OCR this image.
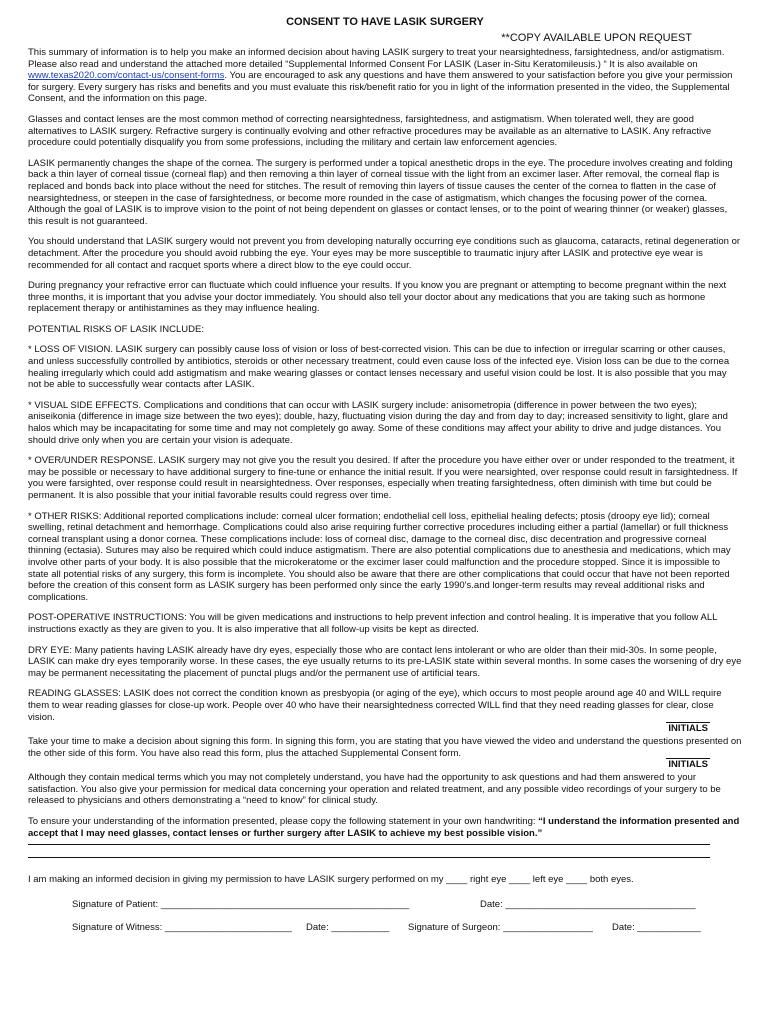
CONSENT TO HAVE LASIK SURGERY
**COPY AVAILABLE UPON REQUEST

This summary of information is to help you make an informed decision about having LASIK surgery to treat your nearsightedness, farsightedness, and/or astigmatism. Please also read and understand the attached more detailed “Supplemental Informed Consent For LASIK (Laser in-Situ Keratomileusis.) “ It is also available on www.texas2020.com/contact-us/consent-forms. You are encouraged to ask any questions and have them answered to your satisfaction before you give your permission for surgery. Every surgery has risks and benefits and you must evaluate this risk/benefit ratio for you in light of the information presented in the video, the Supplemental Consent, and the information on this page.

Glasses and contact lenses are the most common method of correcting nearsightedness, farsightedness, and astigmatism. When tolerated well, they are good alternatives to LASIK surgery. Refractive surgery is continually evolving and other refractive procedures may be available as an alternative to LASIK. Any refractive procedure could potentially disqualify you from some professions, including the military and certain law enforcement agencies.

LASIK permanently changes the shape of the cornea. The surgery is performed under a topical anesthetic drops in the eye. The procedure involves creating and folding back a thin layer of corneal tissue (corneal flap) and then removing a thin layer of corneal tissue with the light from an excimer laser. After removal, the corneal flap is replaced and bonds back into place without the need for stitches. The result of removing thin layers of tissue causes the center of the cornea to flatten in the case of nearsightedness, or steepen in the case of farsightedness, or become more rounded in the case of astigmatism, which changes the focusing power of the cornea. Although the goal of LASIK is to improve vision to the point of not being dependent on glasses or contact lenses, or to the point of wearing thinner (or weaker) glasses, this result is not guaranteed.

You should understand that LASIK surgery would not prevent you from developing naturally occurring eye conditions such as glaucoma, cataracts, retinal degeneration or detachment. After the procedure you should avoid rubbing the eye. Your eyes may be more susceptible to traumatic injury after LASIK and protective eye wear is recommended for all contact and racquet sports where a direct blow to the eye could occur.

During pregnancy your refractive error can fluctuate which could influence your results. If you know you are pregnant or attempting to become pregnant within the next three months, it is important that you advise your doctor immediately. You should also tell your doctor about any medications that you are taking such as hormone replacement therapy or antihistamines as they may influence healing.

POTENTIAL RISKS OF LASIK INCLUDE:

* LOSS OF VISION. LASIK surgery can possibly cause loss of vision or loss of best-corrected vision. This can be due to infection or irregular scarring or other causes, and unless successfully controlled by antibiotics, steroids or other necessary treatment, could even cause loss of the infected eye. Vision loss can be due to the cornea healing irregularly which could add astigmatism and make wearing glasses or contact lenses necessary and useful vision could be lost. It is also possible that you may not be able to successfully wear contacts after LASIK.

* VISUAL SIDE EFFECTS. Complications and conditions that can occur with LASIK surgery include: anisometropia (difference in power between the two eyes); aniseikonia (difference in image size between the two eyes); double, hazy, fluctuating vision during the day and from day to day; increased sensitivity to light, glare and halos which may be incapacitating for some time and may not completely go away. Some of these conditions may affect your ability to drive and judge distances. You should drive only when you are certain your vision is adequate.

* OVER/UNDER RESPONSE. LASIK surgery may not give you the result you desired. If after the procedure you have either over or under responded to the treatment, it may be possible or necessary to have additional surgery to fine-tune or enhance the initial result. If you were nearsighted, over response could result in farsightedness. If you were farsighted, over response could result in nearsightedness. Over responses, especially when treating farsightedness, often diminish with time but could be permanent. It is also possible that your initial favorable results could regress over time.

* OTHER RISKS: Additional reported complications include: corneal ulcer formation; endothelial cell loss, epithelial healing defects; ptosis (droopy eye lid); corneal swelling, retinal detachment and hemorrhage. Complications could also arise requiring further corrective procedures including either a partial (lamellar) or full thickness corneal transplant using a donor cornea. These complications include: loss of corneal disc, damage to the corneal disc, disc decentration and progressive corneal thinning (ectasia). Sutures may also be required which could induce astigmatism. There are also potential complications due to anesthesia and medications, which may involve other parts of your body. It is also possible that the microkeratome or the excimer laser could malfunction and the procedure stopped. Since it is impossible to state all potential risks of any surgery, this form is incomplete. You should also be aware that there are other complications that could occur that have not been reported before the creation of this consent form as LASIK surgery has been performed only since the early 1990's.and longer-term results may reveal additional risks and complications.

POST-OPERATIVE INSTRUCTIONS: You will be given medications and instructions to help prevent infection and control healing. It is imperative that you follow ALL instructions exactly as they are given to you. It is also imperative that all follow-up visits be kept as directed.

DRY EYE: Many patients having LASIK already have dry eyes, especially those who are contact lens intolerant or who are older than their mid-30s. In some people, LASIK can make dry eyes temporarily worse. In these cases, the eye usually returns to its pre-LASIK state within several months. In some cases the worsening of dry eye may be permanent necessitating the placement of punctal plugs and/or the permanent use of artificial tears.

READING GLASSES: LASIK does not correct the condition known as presbyopia (or aging of the eye), which occurs to most people around age 40 and WILL require them to wear reading glasses for close-up work. People over 40 who have their nearsightedness corrected WILL find that they need reading glasses for clear, close vision.

INITIALS

Take your time to make a decision about signing this form. In signing this form, you are stating that you have viewed the video and understand the questions presented on the other side of this form. You have also read this form, plus the attached Supplemental Consent form.

INITIALS

Although they contain medical terms which you may not completely understand, you have had the opportunity to ask questions and had them answered to your satisfaction. You also give your permission for medical data concerning your operation and related treatment, and any possible video recordings of your surgery to be released to physicians and others demonstrating a “need to know” for clinical study.

To ensure your understanding of the information presented, please copy the following statement in your own handwriting: “I understand the information presented and accept that I may need glasses, contact lenses or further surgery after LASIK to achieve my best possible vision.”

I am making an informed decision in giving my permission to have LASIK surgery performed on my ____ right eye ____ left eye ____ both eyes.

Signature of Patient: _______________________________________________	Date: ____________________________________
Signature of Witness: ________________________ Date: ___________ Signature of Surgeon: _________________ Date: ____________
